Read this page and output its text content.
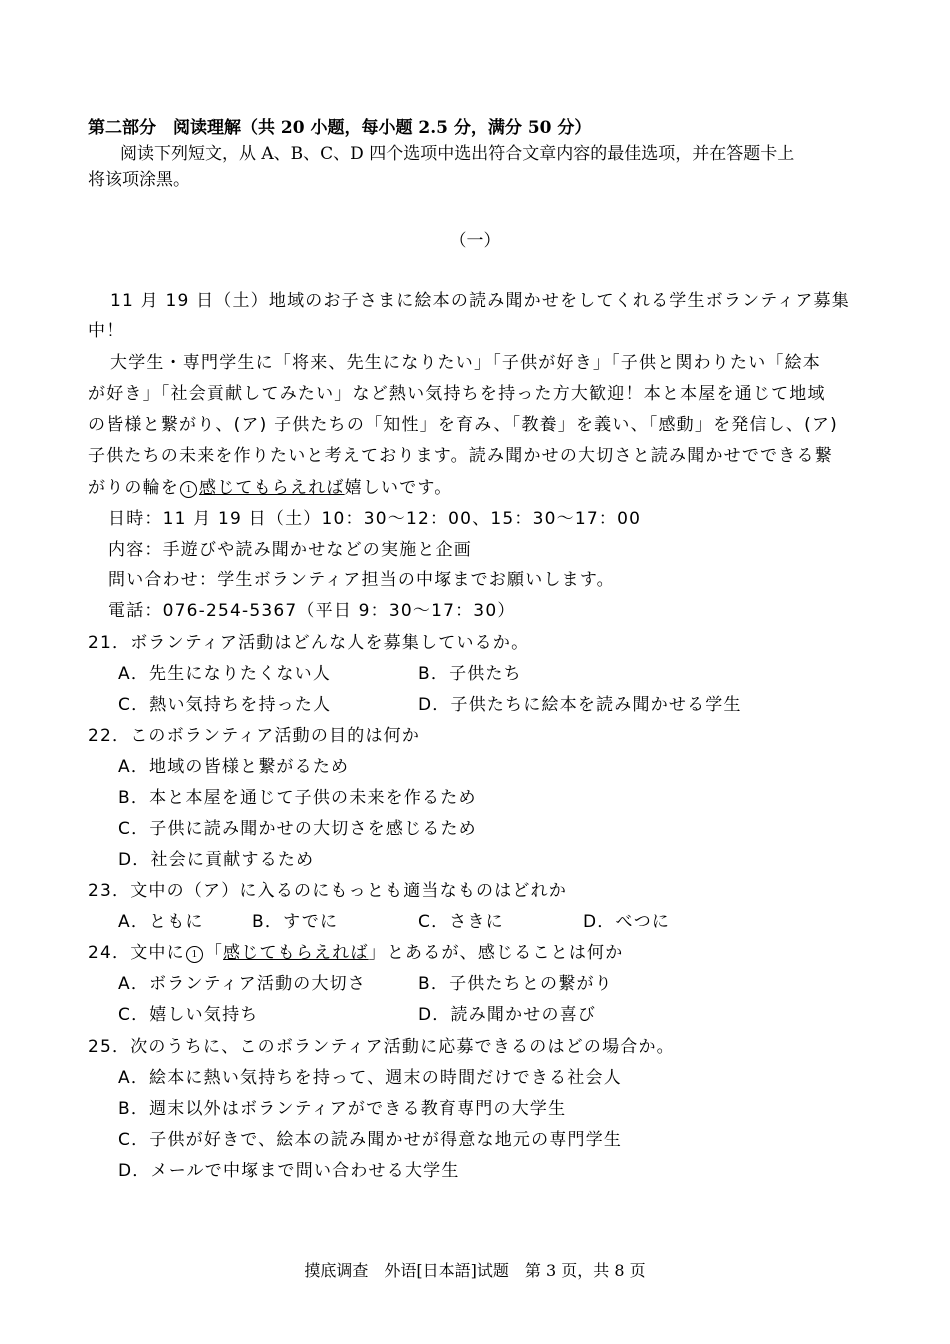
第二部分　阅读理解（共 20 小题，每小题 2.5 分，满分 50 分）
阅读下列短文，从 A、B、C、D 四个选项中选出符合文章内容的最佳选项，并在答题卡上
将该项涂黑。
（一）
11 月 19 日（土）地域のお子さまに絵本の読み聞かせをしてくれる学生ボランティア募集
中！
大学生・専門学生に「将来、先生になりたい」「子供が好き」「子供と関わりたい「絵本
が好き」「社会貢献してみたい」など熱い気持ちを持った方大歓迎！本と本屋を通じて地域
の皆様と繋がり、(ア) 子供たちの「知性」を育み、「教養」を義い、「感動」を発信し、(ア)
子供たちの未来を作りたいと考えております。読み聞かせの大切さと読み聞かせでできる繋
がりの輪を 1 感じてもらえれば嬉しいです。
日時：11 月 19 日（土）10：30〜12：00、15：30〜17：00
内容：手遊びや読み聞かせなどの実施と企画
問い合わせ：学生ボランティア担当の中塚までお願いします。
電話：076-254-5367（平日 9：30〜17：30）
21．ボランティア活動はどんな人を募集しているか。
A．先生になりたくない人	B．子供たち
C．熱い気持ちを持った人	D．子供たちに絵本を読み聞かせる学生
22．このボランティア活動の目的は何か
A．地域の皆様と繋がるため
B．本と本屋を通じて子供の未来を作るため
C．子供に読み聞かせの大切さを感じるため
D．社会に貢献するため
23．文中の（ア）に入るのにもっとも適当なものはどれか
A．ともに	B．すでに	C．さきに	D．べつに
24．文中に 1 「感じてもらえれば」とあるが、感じることは何か
A．ボランティア活動の大切さ	B．子供たちとの繋がり
C．嬉しい気持ち	D．読み聞かせの喜び
25．次のうちに、このボランティア活動に応募できるのはどの場合か。
A．絵本に熱い気持ちを持って、週末の時間だけできる社会人
B．週末以外はボランティアができる教育専門の大学生
C．子供が好きで、絵本の読み聞かせが得意な地元の専門学生
D．メールで中塚まで問い合わせる大学生
摸底调查　外语[日本語]试题　第 3 页，共 8 页
